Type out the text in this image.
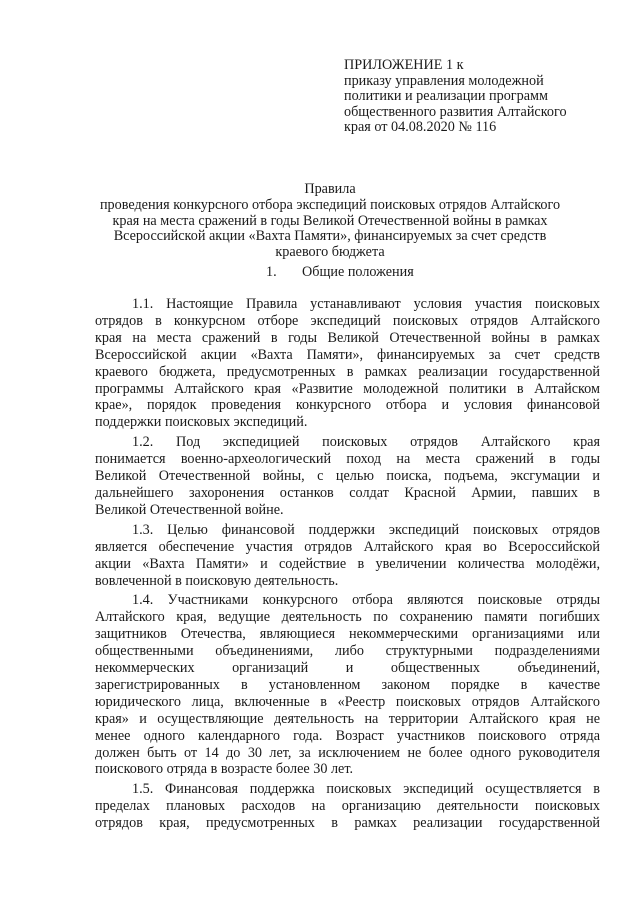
ПРИЛОЖЕНИЕ 1 к
приказу управления молодежной
политики и реализации программ
общественного развития Алтайского
края от 04.08.2020 № 116
Правила
проведения конкурсного отбора экспедиций поисковых отрядов Алтайского
края на места сражений в годы Великой Отечественной войны в рамках
Всероссийской акции «Вахта Памяти», финансируемых за счет средств
краевого бюджета
1. Общие положения

1.1. Настоящие Правила устанавливают условия участия поисковых

отрядов в конкурсном отборе экспедиций поисковых отрядов Алтайского

края на места сражений в годы Великой Отечественной войны в рамках

Всероссийской акции «Вахта Памяти», финансируемых за счет средств

краевого бюджета, предусмотренных в рамках реализации государственной

программы Алтайского края «Развитие молодежной политики в Алтайском

крае», порядок проведения конкурсного отбора и условия финансовой

поддержки поисковых экспедиций.

1.2. Под экспедицией поисковых отрядов Алтайского края

понимается военно-археологический поход на места сражений в годы

Великой Отечественной войны, с целью поиска, подъема, эксгумации и

дальнейшего захоронения останков солдат Красной Армии, павших в

Великой Отечественной войне.

1.3. Целью финансовой поддержки экспедиций поисковых отрядов

является обеспечение участия отрядов Алтайского края во Всероссийской

акции «Вахта Памяти» и содействие в увеличении количества молодёжи,

вовлеченной в поисковую деятельность.

1.4. Участниками конкурсного отбора являются поисковые отряды

Алтайского края, ведущие деятельность по сохранению памяти погибших

защитников Отечества, являющиеся некоммерческими организациями или

общественными объединениями, либо структурными подразделениями

некоммерческих организаций и общественных объединений,

зарегистрированных в установленном законом порядке в качестве

юридического лица, включенные в «Реестр поисковых отрядов Алтайского

края» и осуществляющие деятельность на территории Алтайского края не

менее одного календарного года. Возраст участников поискового отряда

должен быть от 14 до 30 лет, за исключением не более одного руководителя

поискового отряда в возрасте более 30 лет.

1.5. Финансовая поддержка поисковых экспедиций осуществляется в

пределах плановых расходов на организацию деятельности поисковых

отрядов края, предусмотренных в рамках реализации государственной
